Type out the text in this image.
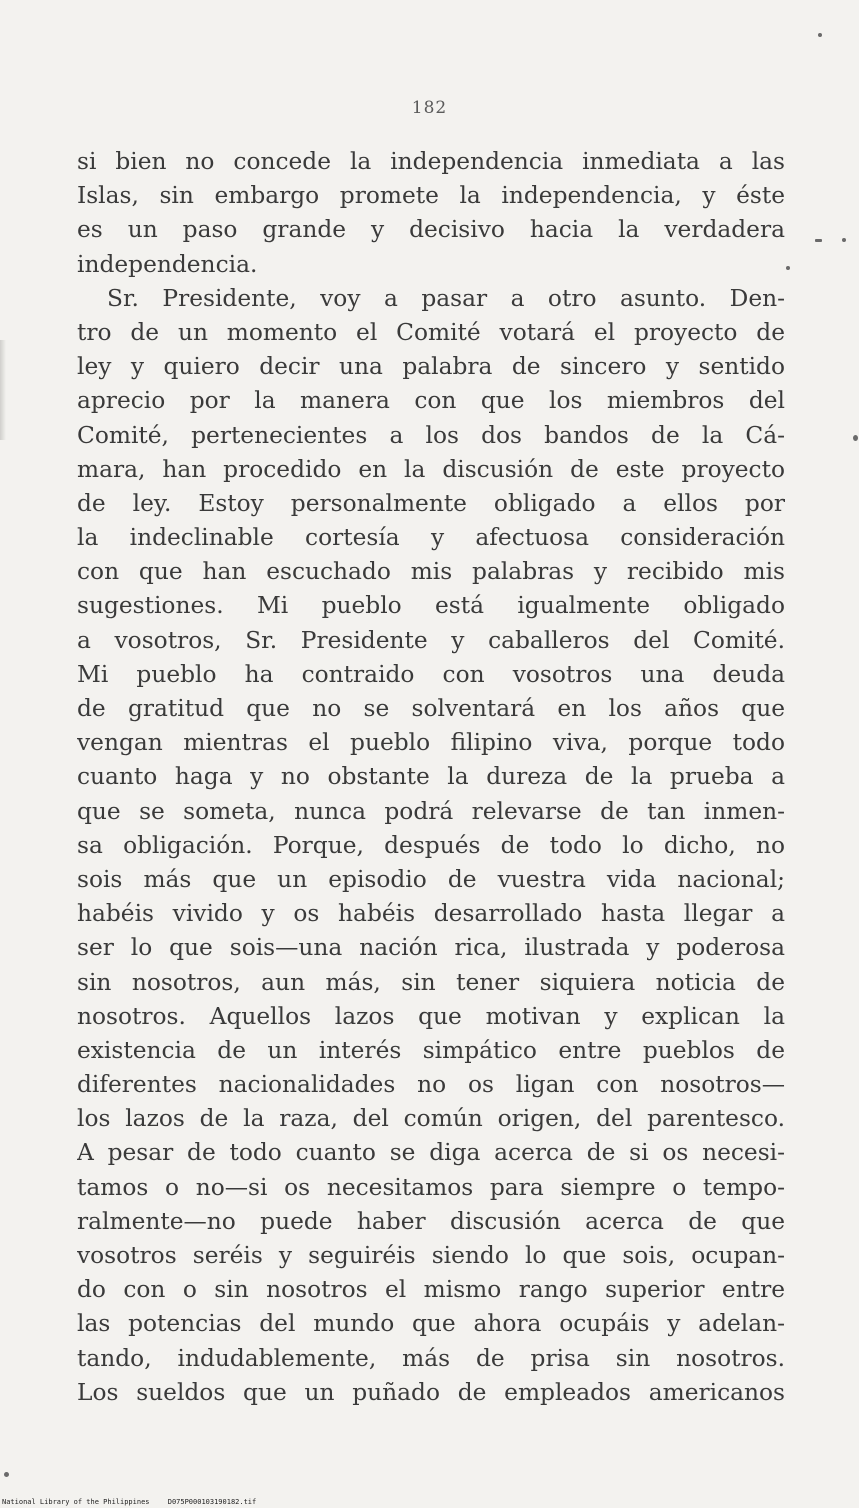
182
si bien no concede la independencia inmediata a las
Islas, sin embargo promete la independencia, y éste
es un paso grande y decisivo hacia la verdadera
independencia.
Sr. Presidente, voy a pasar a otro asunto. Den-
tro de un momento el Comité votará el proyecto de
ley y quiero decir una palabra de sincero y sentido
aprecio por la manera con que los miembros del
Comité, pertenecientes a los dos bandos de la Cá-
mara, han procedido en la discusión de este proyecto
de ley. Estoy personalmente obligado a ellos por
la indeclinable cortesía y afectuosa consideración
con que han escuchado mis palabras y recibido mis
sugestiones. Mi pueblo está igualmente obligado
a vosotros, Sr. Presidente y caballeros del Comité.
Mi pueblo ha contraido con vosotros una deuda
de gratitud que no se solventará en los años que
vengan mientras el pueblo filipino viva, porque todo
cuanto haga y no obstante la dureza de la prueba a
que se someta, nunca podrá relevarse de tan inmen-
sa obligación. Porque, después de todo lo dicho, no
sois más que un episodio de vuestra vida nacional;
habéis vivido y os habéis desarrollado hasta llegar a
ser lo que sois—una nación rica, ilustrada y poderosa
sin nosotros, aun más, sin tener siquiera noticia de
nosotros. Aquellos lazos que motivan y explican la
existencia de un interés simpático entre pueblos de
diferentes nacionalidades no os ligan con nosotros—
los lazos de la raza, del común origen, del parentesco.
A pesar de todo cuanto se diga acerca de si os necesi-
tamos o no—si os necesitamos para siempre o tempo-
ralmente—no puede haber discusión acerca de que
vosotros seréis y seguiréis siendo lo que sois, ocupan-
do con o sin nosotros el mismo rango superior entre
las potencias del mundo que ahora ocupáis y adelan-
tando, indudablemente, más de prisa sin nosotros.
Los sueldos que un puñado de empleados americanos
National Library of the Philippines	D075P000103190182.tif
